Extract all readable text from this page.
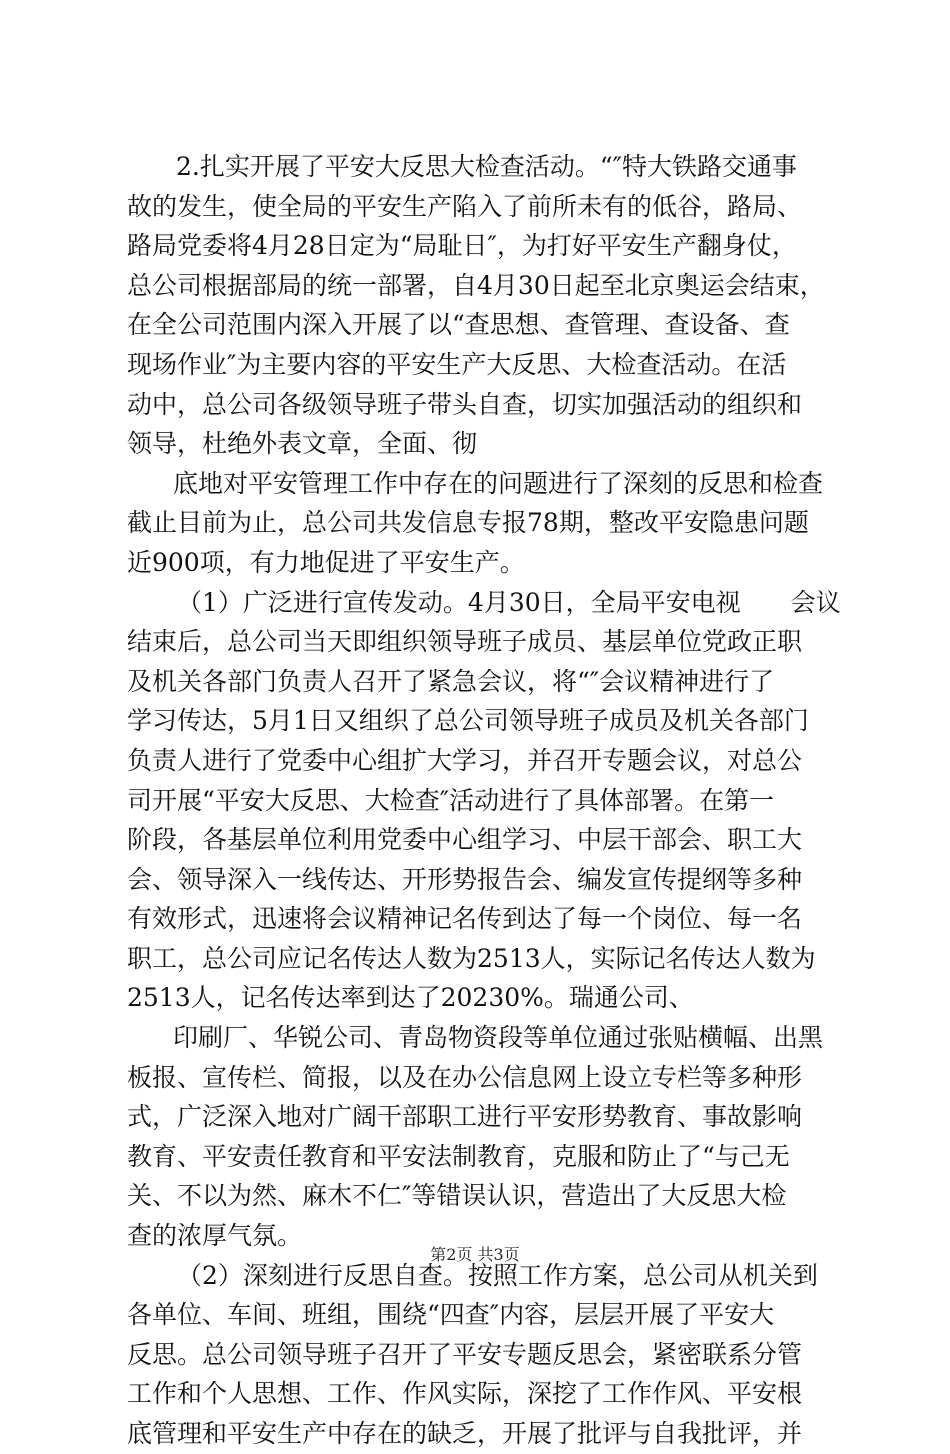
2.扎实开展了平安大反思大检查活动。“″特大铁路交通事
故的发生，使全局的平安生产陷入了前所未有的低谷，路局、
路局党委将4月28日定为“局耻日″，为打好平安生产翻身仗，
总公司根据部局的统一部署，自4月30日起至北京奥运会结束，
在全公司范围内深入开展了以“查思想、查管理、查设备、查
现场作业″为主要内容的平安生产大反思、大检查活动。在活
动中，总公司各级领导班子带头自查，切实加强活动的组织和
领导，杜绝外表文章，全面、彻
底地对平安管理工作中存在的问题进行了深刻的反思和检查
截止目前为止，总公司共发信息专报78期，整改平安隐患问题
近900项，有力地促进了平安生产。
（1）广泛进行宣传发动。4月30日，全局平安电视　　会议
结束后，总公司当天即组织领导班子成员、基层单位党政正职
及机关各部门负责人召开了紧急会议，将“″会议精神进行了
学习传达，5月1日又组织了总公司领导班子成员及机关各部门
负责人进行了党委中心组扩大学习，并召开专题会议，对总公
司开展“平安大反思、大检查″活动进行了具体部署。在第一
阶段，各基层单位利用党委中心组学习、中层干部会、职工大
会、领导深入一线传达、开形势报告会、编发宣传提纲等多种
有效形式，迅速将会议精神记名传到达了每一个岗位、每一名
职工，总公司应记名传达人数为2513人，实际记名传达人数为
2513人，记名传达率到达了20230%。瑞通公司、
印刷厂、华锐公司、青岛物资段等单位通过张贴横幅、出黑
板报、宣传栏、简报，以及在办公信息网上设立专栏等多种形
式，广泛深入地对广阔干部职工进行平安形势教育、事故影响
教育、平安责任教育和平安法制教育，克服和防止了“与己无
关、不以为然、麻木不仁″等错误认识，营造出了大反思大检
查的浓厚气氛。
（2）深刻进行反思自查。按照工作方案，总公司从机关到
各单位、车间、班组，围绕“四查″内容，层层开展了平安大
反思。总公司领导班子召开了平安专题反思会，紧密联系分管
工作和个人思想、工作、作风实际，深挖了工作作风、平安根
底管理和平安生产中存在的缺乏，开展了批评与自我批评，并
第2页 共3页
